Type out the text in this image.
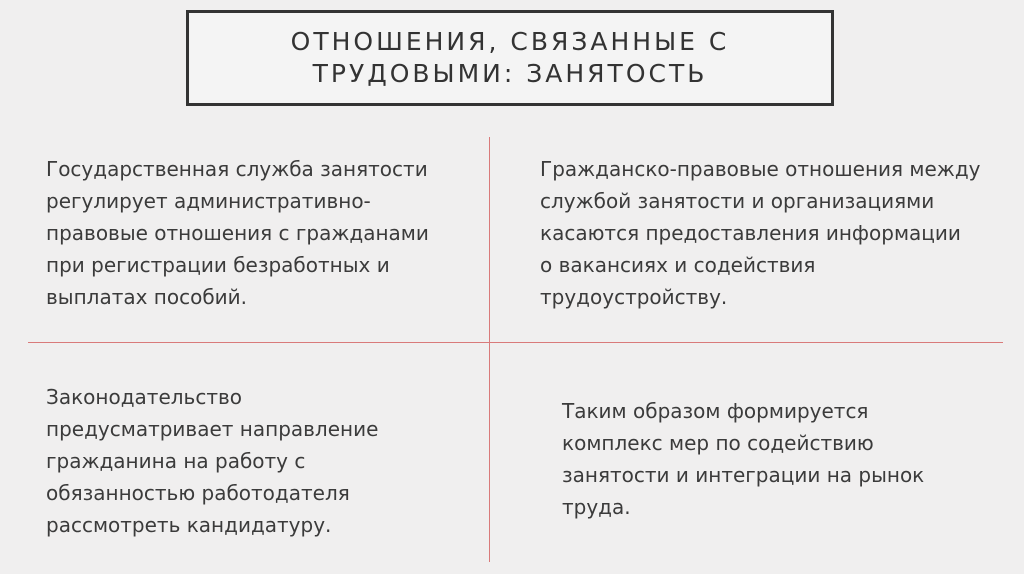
ОТНОШЕНИЯ, СВЯЗАННЫЕ С ТРУДОВЫМИ: ЗАНЯТОСТЬ
Государственная служба занятости
регулирует административно-
правовые отношения с гражданами
при регистрации безработных и
выплатах пособий.
Гражданско-правовые отношения между
службой занятости и организациями
касаются предоставления информации
о вакансиях и содействия
трудоустройству.
Законодательство
предусматривает направление
гражданина на работу с
обязанностью работодателя
рассмотреть кандидатуру.
Таким образом формируется
комплекс мер по содействию
занятости и интеграции на рынок
труда.
